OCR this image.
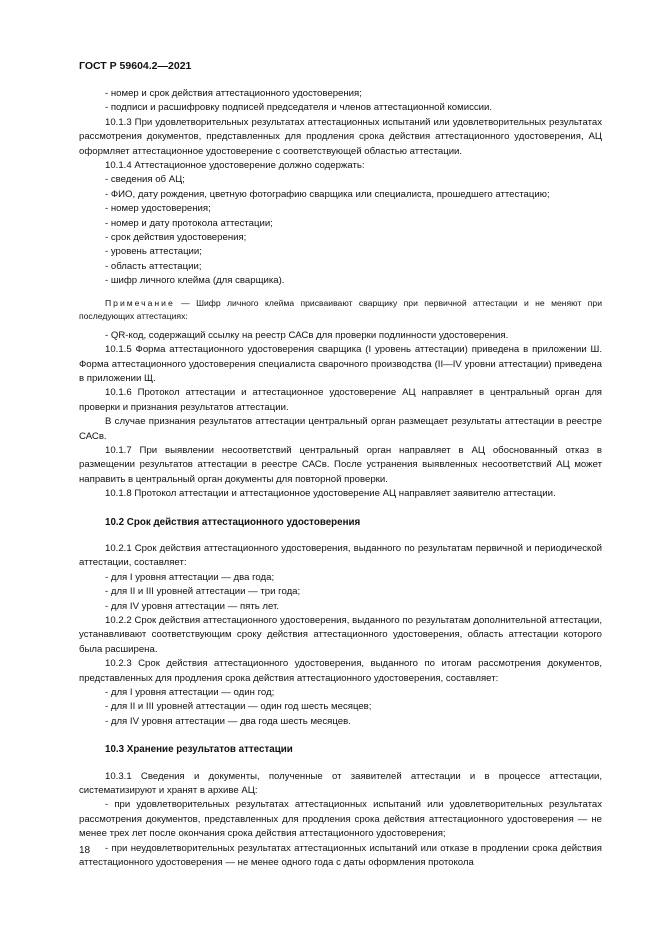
ГОСТ Р 59604.2—2021

- номер и срок действия аттестационного удостоверения;

- подписи и расшифровку подписей председателя и членов аттестационной комиссии.

10.1.3 При удовлетворительных результатах аттестационных испытаний или удовлетворительных результатах рассмотрения документов, представленных для продления срока действия аттестационного удостоверения, АЦ оформляет аттестационное удостоверение с соответствующей областью аттестации.

10.1.4 Аттестационное удостоверение должно содержать:

- сведения об АЦ;

- ФИО, дату рождения, цветную фотографию сварщика или специалиста, прошедшего аттестацию;

- номер удостоверения;

- номер и дату протокола аттестации;

- срок действия удостоверения;

- уровень аттестации;

- область аттестации;

- шифр личного клейма (для сварщика).

Примечание — Шифр личного клейма присваивают сварщику при первичной аттестации и не меняют при последующих аттестациях:

- QR-код, содержащий ссылку на реестр САСв для проверки подлинности удостоверения.

10.1.5 Форма аттестационного удостоверения сварщика (I уровень аттестации) приведена в приложении Ш. Форма аттестационного удостоверения специалиста сварочного производства (II—IV уровни аттестации) приведена в приложении Щ.

10.1.6 Протокол аттестации и аттестационное удостоверение АЦ направляет в центральный орган для проверки и признания результатов аттестации.

В случае признания результатов аттестации центральный орган размещает результаты аттестации в реестре САСв.

10.1.7 При выявлении несоответствий центральный орган направляет в АЦ обоснованный отказ в размещении результатов аттестации в реестре САСв. После устранения выявленных несоответствий АЦ может направить в центральный орган документы для повторной проверки.

10.1.8 Протокол аттестации и аттестационное удостоверение АЦ направляет заявителю аттестации.

10.2 Срок действия аттестационного удостоверения

10.2.1 Срок действия аттестационного удостоверения, выданного по результатам первичной и периодической аттестации, составляет:

- для I уровня аттестации — два года;

- для II и III уровней аттестации — три года;

- для IV уровня аттестации — пять лет.

10.2.2 Срок действия аттестационного удостоверения, выданного по результатам дополнительной аттестации, устанавливают соответствующим сроку действия аттестационного удостоверения, область аттестации которого была расширена.

10.2.3 Срок действия аттестационного удостоверения, выданного по итогам рассмотрения документов, представленных для продления срока действия аттестационного удостоверения, составляет:

- для I уровня аттестации — один год;

- для II и III уровней аттестации — один год шесть месяцев;

- для IV уровня аттестации — два года шесть месяцев.

10.3 Хранение результатов аттестации

10.3.1 Сведения и документы, полученные от заявителей аттестации и в процессе аттестации, систематизируют и хранят в архиве АЦ:

- при удовлетворительных результатах аттестационных испытаний или удовлетворительных результатах рассмотрения документов, представленных для продления срока действия аттестационного удостоверения — не менее трех лет после окончания срока действия аттестационного удостоверения;

- при неудовлетворительных результатах аттестационных испытаний или отказе в продлении срока действия аттестационного удостоверения — не менее одного года с даты оформления протокола

18
